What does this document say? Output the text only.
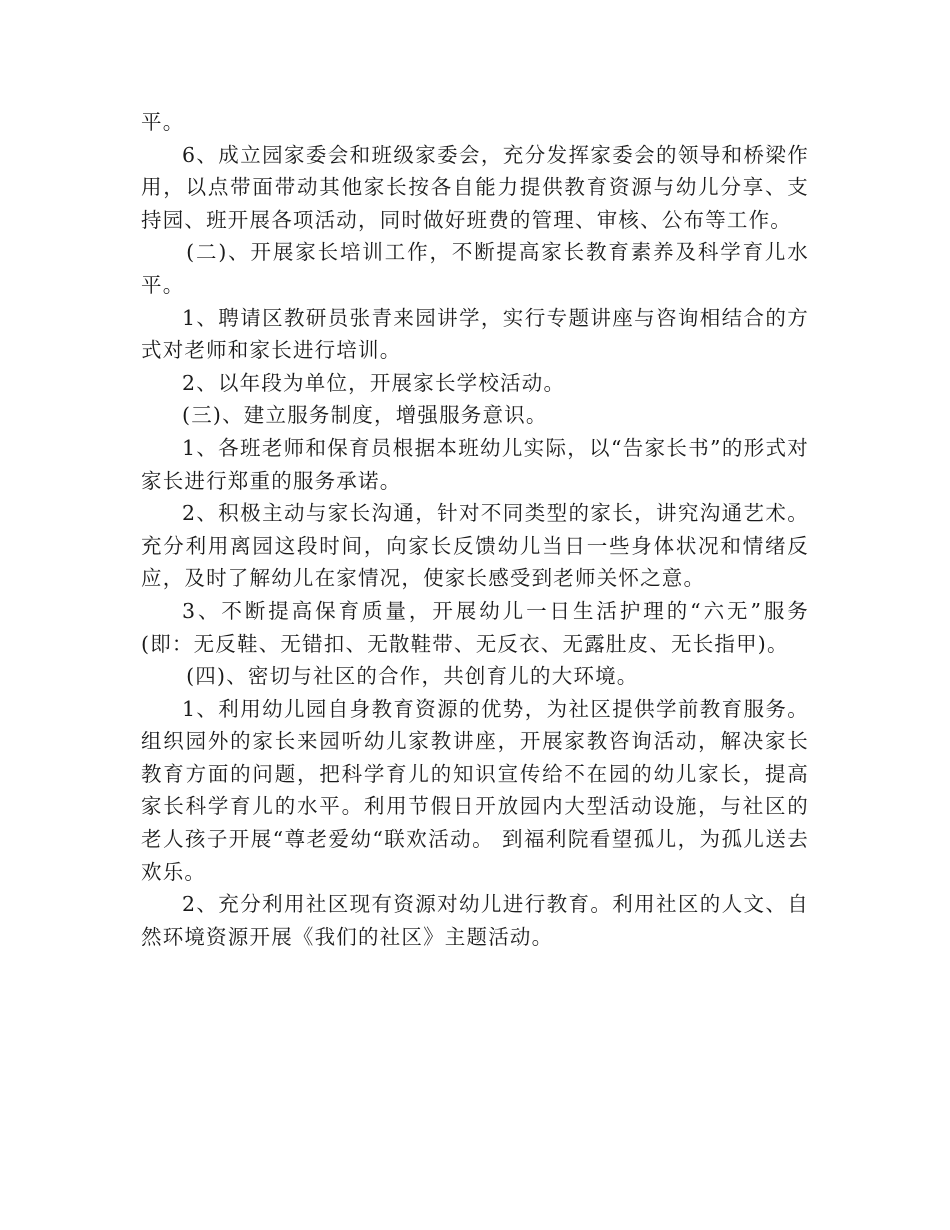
平。

6、成立园家委会和班级家委会，充分发挥家委会的领导和桥梁作用，以点带面带动其他家长按各自能力提供教育资源与幼儿分享、支持园、班开展各项活动，同时做好班费的管理、审核、公布等工作。

(二)、开展家长培训工作，不断提高家长教育素养及科学育儿水平。

1、聘请区教研员张青来园讲学，实行专题讲座与咨询相结合的方式对老师和家长进行培训。

2、以年段为单位，开展家长学校活动。

(三)、建立服务制度，增强服务意识。

1、各班老师和保育员根据本班幼儿实际，以“告家长书”的形式对家长进行郑重的服务承诺。

2、积极主动与家长沟通，针对不同类型的家长，讲究沟通艺术。充分利用离园这段时间，向家长反馈幼儿当日一些身体状况和情绪反应，及时了解幼儿在家情况，使家长感受到老师关怀之意。

3、不断提高保育质量，开展幼儿一日生活护理的“六无”服务(即：无反鞋、无错扣、无散鞋带、无反衣、无露肚皮、无长指甲)。

(四)、密切与社区的合作，共创育儿的大环境。

1、利用幼儿园自身教育资源的优势，为社区提供学前教育服务。组织园外的家长来园听幼儿家教讲座，开展家教咨询活动，解决家长教育方面的问题，把科学育儿的知识宣传给不在园的幼儿家长，提高家长科学育儿的水平。利用节假日开放园内大型活动设施，与社区的老人孩子开展“尊老爱幼“联欢活动。 到福利院看望孤儿，为孤儿送去欢乐。

2、充分利用社区现有资源对幼儿进行教育。利用社区的人文、自然环境资源开展《我们的社区》主题活动。
